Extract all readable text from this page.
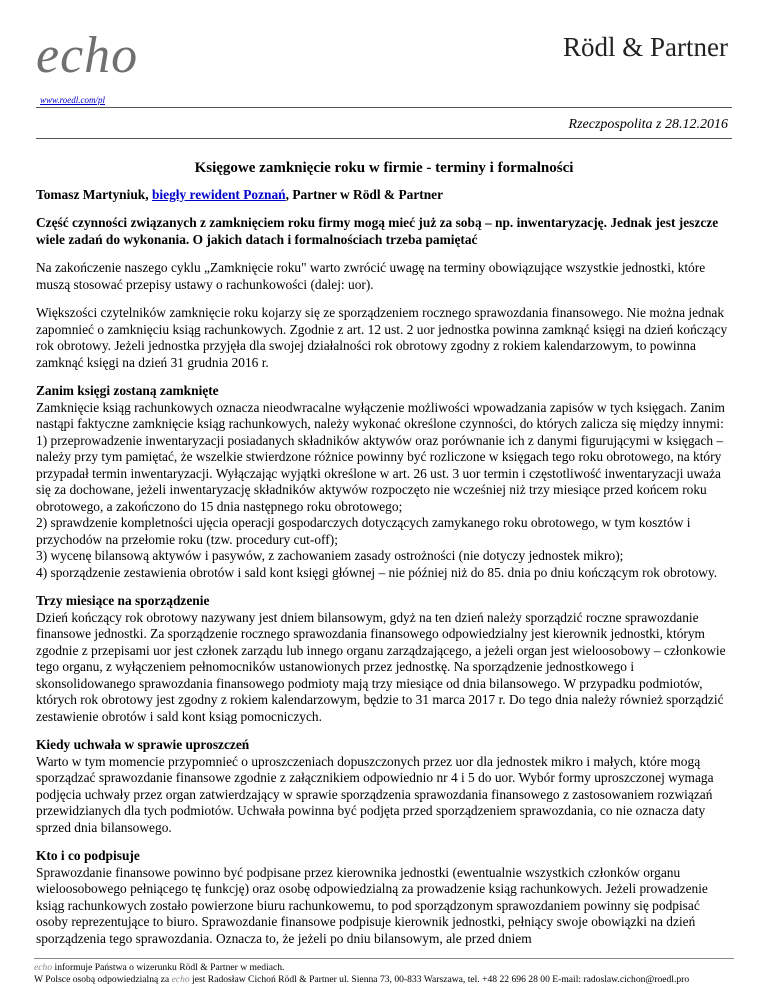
echo
www.roedl.com/pl
Rödl & Partner
Rzeczpospolita z 28.12.2016
Księgowe zamknięcie roku w firmie - terminy i formalności
Tomasz Martyniuk, biegły rewident Poznań, Partner w Rödl & Partner
Część czynności związanych z zamknięciem roku firmy mogą mieć już za sobą – np. inwentaryzację. Jednak jest jeszcze wiele zadań do wykonania. O jakich datach i formalnościach trzeba pamiętać

Na zakończenie naszego cyklu „Zamknięcie roku" warto zwrócić uwagę na terminy obowiązujące wszystkie jednostki, które muszą stosować przepisy ustawy o rachunkowości (dalej: uor).

Większości czytelników zamknięcie roku kojarzy się ze sporządzeniem rocznego sprawozdania finansowego. Nie można jednak zapomnieć o zamknięciu ksiąg rachunkowych. Zgodnie z art. 12 ust. 2 uor jednostka powinna zamknąć księgi na dzień kończący rok obrotowy. Jeżeli jednostka przyjęła dla swojej działalności rok obrotowy zgodny z rokiem kalendarzowym, to powinna zamknąć księgi na dzień 31 grudnia 2016 r.

Zanim księgi zostaną zamknięte
Zamknięcie ksiąg rachunkowych oznacza nieodwracalne wyłączenie możliwości wpowadzania zapisów w tych księgach. Zanim nastąpi faktyczne zamknięcie ksiąg rachunkowych, należy wykonać określone czynności, do których zalicza się między innymi:
1) przeprowadzenie inwentaryzacji posiadanych składników aktywów oraz porównanie ich z danymi figurującymi w księgach – należy przy tym pamiętać, że wszelkie stwierdzone różnice powinny być rozliczone w księgach tego roku obrotowego, na który przypadał termin inwentaryzacji. Wyłączając wyjątki określone w art. 26 ust. 3 uor termin i częstotliwość inwentaryzacji uważa się za dochowane, jeżeli inwentaryzację składników aktywów rozpoczęto nie wcześniej niż trzy miesiące przed końcem roku obrotowego, a zakończono do 15 dnia następnego roku obrotowego;
2) sprawdzenie kompletności ujęcia operacji gospodarczych dotyczących zamykanego roku obrotowego, w tym kosztów i przychodów na przełomie roku (tzw. procedury cut-off);
3) wycenę bilansową aktywów i pasywów, z zachowaniem zasady ostrożności (nie dotyczy jednostek mikro);
4) sporządzenie zestawienia obrotów i sald kont księgi głównej – nie później niż do 85. dnia po dniu kończącym rok obrotowy.
Trzy miesiące na sporządzenie
Dzień kończący rok obrotowy nazywany jest dniem bilansowym, gdyż na ten dzień należy sporządzić roczne sprawozdanie finansowe jednostki. Za sporządzenie rocznego sprawozdania finansowego odpowiedzialny jest kierownik jednostki, którym zgodnie z przepisami uor jest członek zarządu lub innego organu zarządzającego, a jeżeli organ jest wieloosobowy – członkowie tego organu, z wyłączeniem pełnomocników ustanowionych przez jednostkę. Na sporządzenie jednostkowego i skonsolidowanego sprawozdania finansowego podmioty mają trzy miesiące od dnia bilansowego. W przypadku podmiotów, których rok obrotowy jest zgodny z rokiem kalendarzowym, będzie to 31 marca 2017 r. Do tego dnia należy również sporządzić zestawienie obrotów i sald kont ksiąg pomocniczych.
Kiedy uchwała w sprawie uproszczeń
Warto w tym momencie przypomnieć o uproszczeniach dopuszczonych przez uor dla jednostek mikro i małych, które mogą sporządzać sprawozdanie finansowe zgodnie z załącznikiem odpowiednio nr 4 i 5 do uor. Wybór formy uproszczonej wymaga podjęcia uchwały przez organ zatwierdzający w sprawie sporządzenia sprawozdania finansowego z zastosowaniem rozwiązań przewidzianych dla tych podmiotów. Uchwała powinna być podjęta przed sporządzeniem sprawozdania, co nie oznacza daty sprzed dnia bilansowego.
Kto i co podpisuje
Sprawozdanie finansowe powinno być podpisane przez kierownika jednostki (ewentualnie wszystkich członków organu wieloosobowego pełniącego tę funkcję) oraz osobę odpowiedzialną za prowadzenie ksiąg rachunkowych. Jeżeli prowadzenie ksiąg rachunkowych zostało powierzone biuru rachunkowemu, to pod sporządzonym sprawozdaniem powinny się podpisać osoby reprezentujące to biuro. Sprawozdanie finansowe podpisuje kierownik jednostki, pełniący swoje obowiązki na dzień sporządzenia tego sprawozdania. Oznacza to, że jeżeli po dniu bilansowym, ale przed dniem
echo informuje Państwa o wizerunku Rödl & Partner w mediach.
W Polsce osobą odpowiedzialną za echo jest Radosław Cichoń Rödl & Partner ul. Sienna 73, 00-833 Warszawa, tel. +48 22 696 28 00 E-mail: radoslaw.cichon@roedl.pro
